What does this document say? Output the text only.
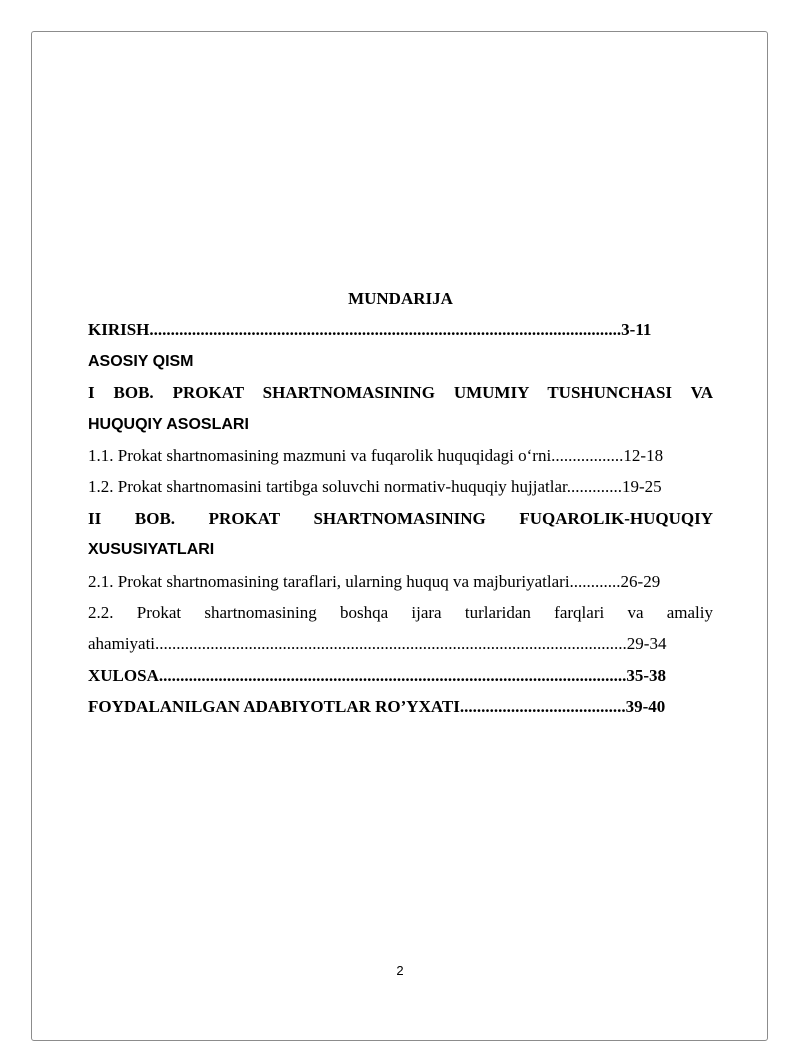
MUNDARIJA
KIRISH...............................................................................................................3-11
ASOSIY QISM
I BOB. PROKAT SHARTNOMASINING UMUMIY TUSHUNCHASI VA
HUQUQIY ASOSLARI
1.1. Prokat shartnomasining mazmuni va fuqarolik huquqidagi o‘rni.................12-18
1.2. Prokat shartnomasini tartibga soluvchi normativ-huquqiy hujjatlar.............19-25
II BOB. PROKAT SHARTNOMASINING FUQAROLIK-HUQUQIY
XUSUSIYATLARI
2.1. Prokat shartnomasining taraflari, ularning huquq va majburiyatlari............26-29
2.2. Prokat shartnomasining boshqa ijara turlaridan farqlari va amaliy
ahamiyati...............................................................................................................29-34
XULOSA..............................................................................................................35-38
FOYDALANILGAN ADABIYOTLAR RO’YXATI.......................................39-40
2
